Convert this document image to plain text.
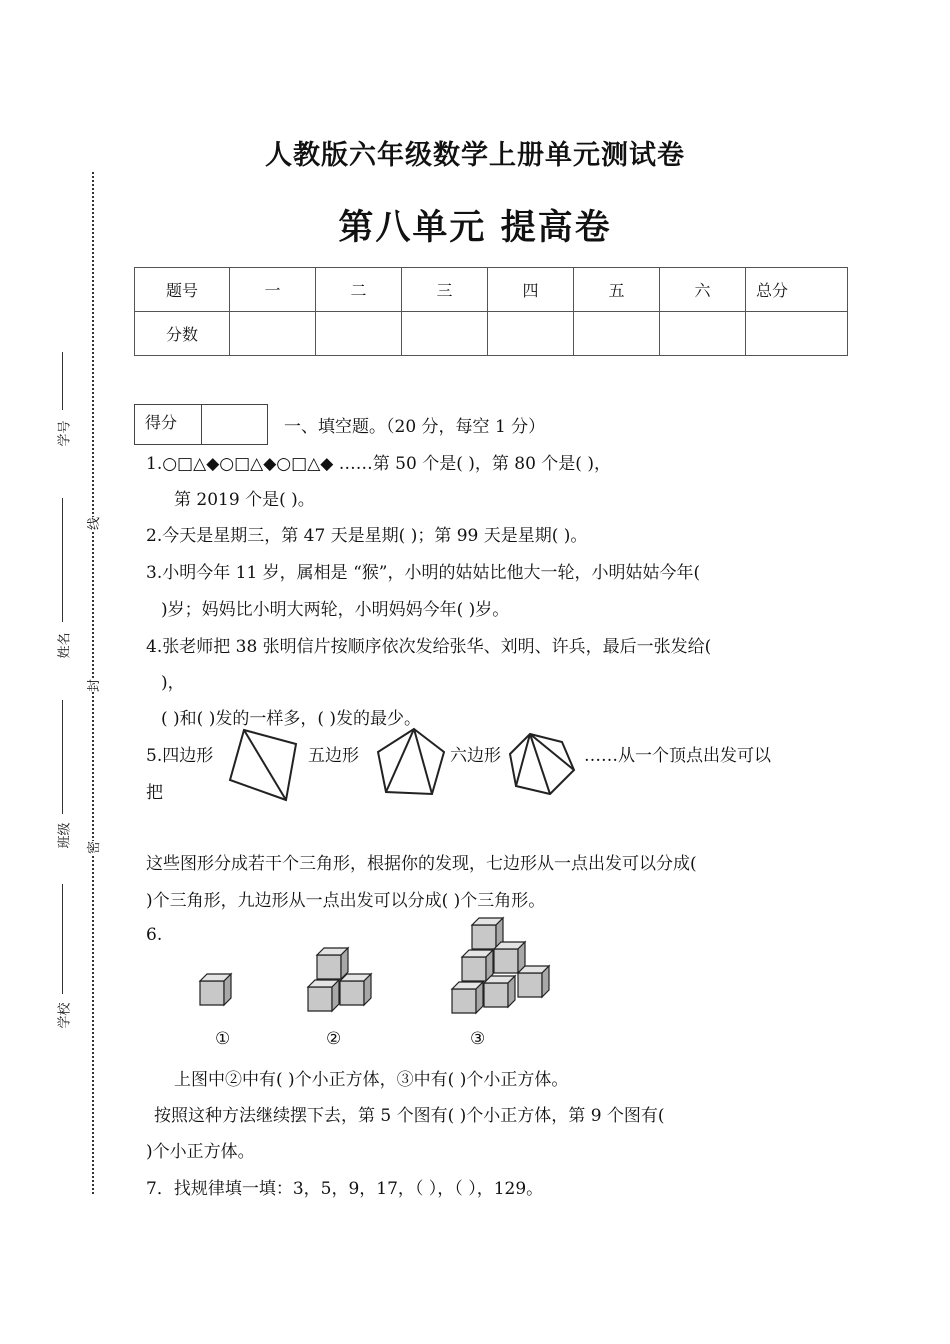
人教版六年级数学上册单元测试卷
第八单元 提高卷
学号
姓名
班级
学校
线
封
密
题号	一	二	三	四	五	六	总分
分数							
得分	一、填空题。（20 分，每空 1 分）
1.○□△◆○□△◆○□△◆ ……第 50 个是( )，第 80 个是( )，
第 2019 个是( )。
2.今天是星期三，第 47 天是星期( )；第 99 天是星期( )。
3.小明今年 11 岁，属相是 “猴”，小明的姑姑比他大一轮，小明姑姑今年(
)岁；妈妈比小明大两轮，小明妈妈今年( )岁。
4.张老师把 38 张明信片按顺序依次发给张华、刘明、许兵，最后一张发给(
)，
( )和( )发的一样多，( )发的最少。
5.四边形	五边形	六边形	……从一个顶点出发可以
把
这些图形分成若干个三角形，根据你的发现，七边形从一点出发可以分成(
)个三角形，九边形从一点出发可以分成( )个三角形。
6.
①	②	③
上图中②中有( )个小正方体，③中有( )个小正方体。
按照这种方法继续摆下去，第 5 个图有( )个小正方体，第 9 个图有(
)个小正方体。
7．找规律填一填：3，5，9，17，（ ），（ ），129。
